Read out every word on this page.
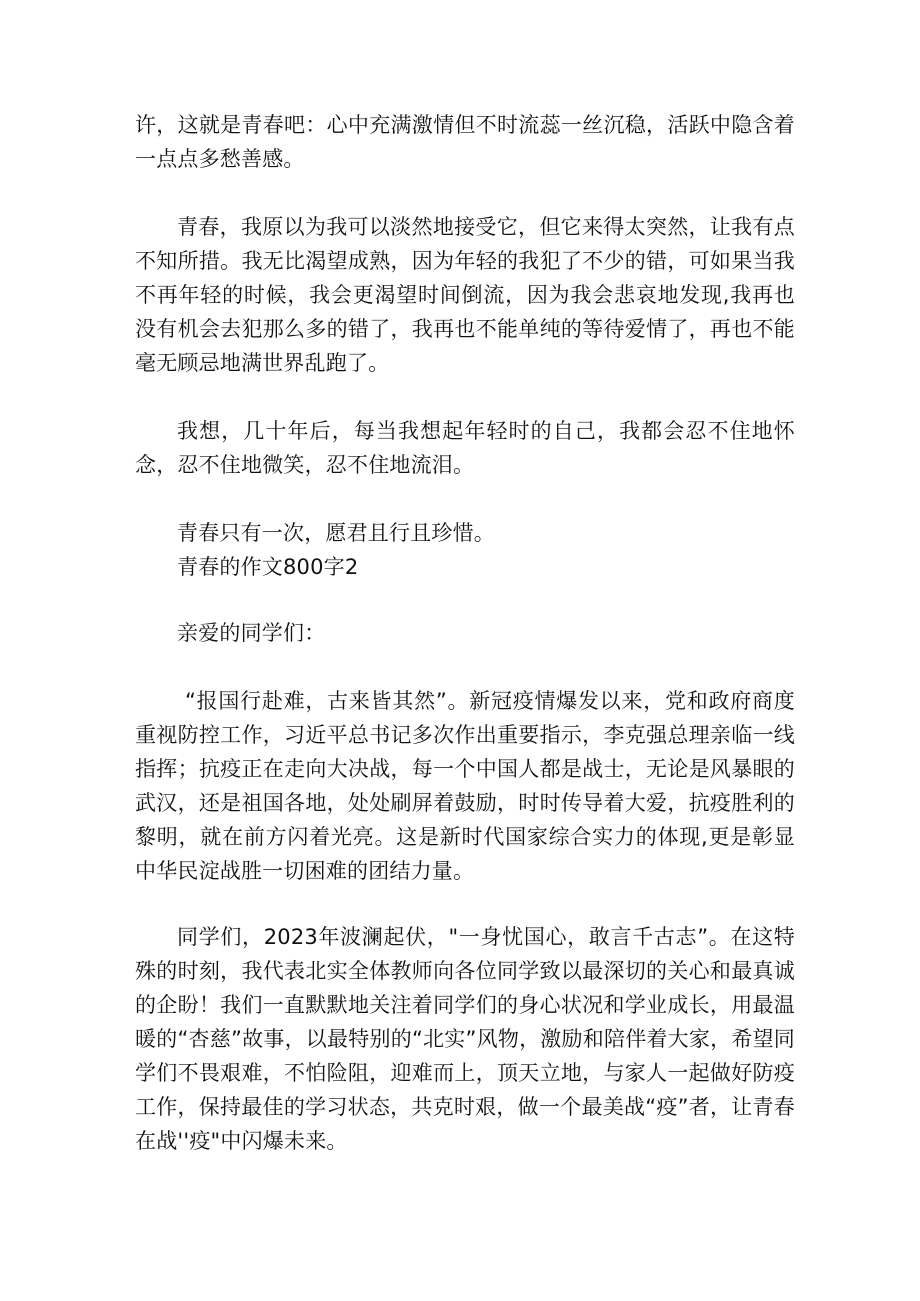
许，这就是青春吧：心中充满激情但不时流蕊一丝沉稳，活跃中隐含着一点点多愁善感。

青春，我原以为我可以淡然地接受它，但它来得太突然，让我有点不知所措。我无比渴望成熟，因为年轻的我犯了不少的错，可如果当我不再年轻的时候，我会更渴望时间倒流，因为我会悲哀地发现,我再也没有机会去犯那么多的错了，我再也不能单纯的等待爱情了，再也不能毫无顾忌地满世界乱跑了。

我想，几十年后，每当我想起年轻时的自己，我都会忍不住地怀念，忍不住地微笑，忍不住地流泪。

青春只有一次，愿君且行且珍惜。

青春的作文800字2

亲爱的同学们：

“报国行赴难，古来皆其然”。新冠疫情爆发以来，党和政府商度重视防控工作，习近平总书记多次作出重要指示，李克强总理亲临一线指挥；抗疫正在走向大决战，每一个中国人都是战士，无论是风暴眼的武汉，还是祖国各地，处处刷屏着鼓励，时时传导着大爱，抗疫胜利的黎明，就在前方闪着光亮。这是新时代国家综合实力的体现,更是彰显中华民淀战胜一切困难的团结力量。

同学们，2023年波澜起伏，"一身忧国心，敢言千古志”。在这特殊的时刻，我代表北实全体教师向各位同学致以最深切的关心和最真诚的企盼！我们一直默默地关注着同学们的身心状况和学业成长，用最温暖的“杏慈”故事，以最特别的“北实”风物，激励和陪伴着大家，希望同学们不畏艰难，不怕险阻，迎难而上，顶天立地，与家人一起做好防疫工作，保持最佳的学习状态，共克时艰，做一个最美战“疫”者，让青春在战''疫"中闪爆未来。
